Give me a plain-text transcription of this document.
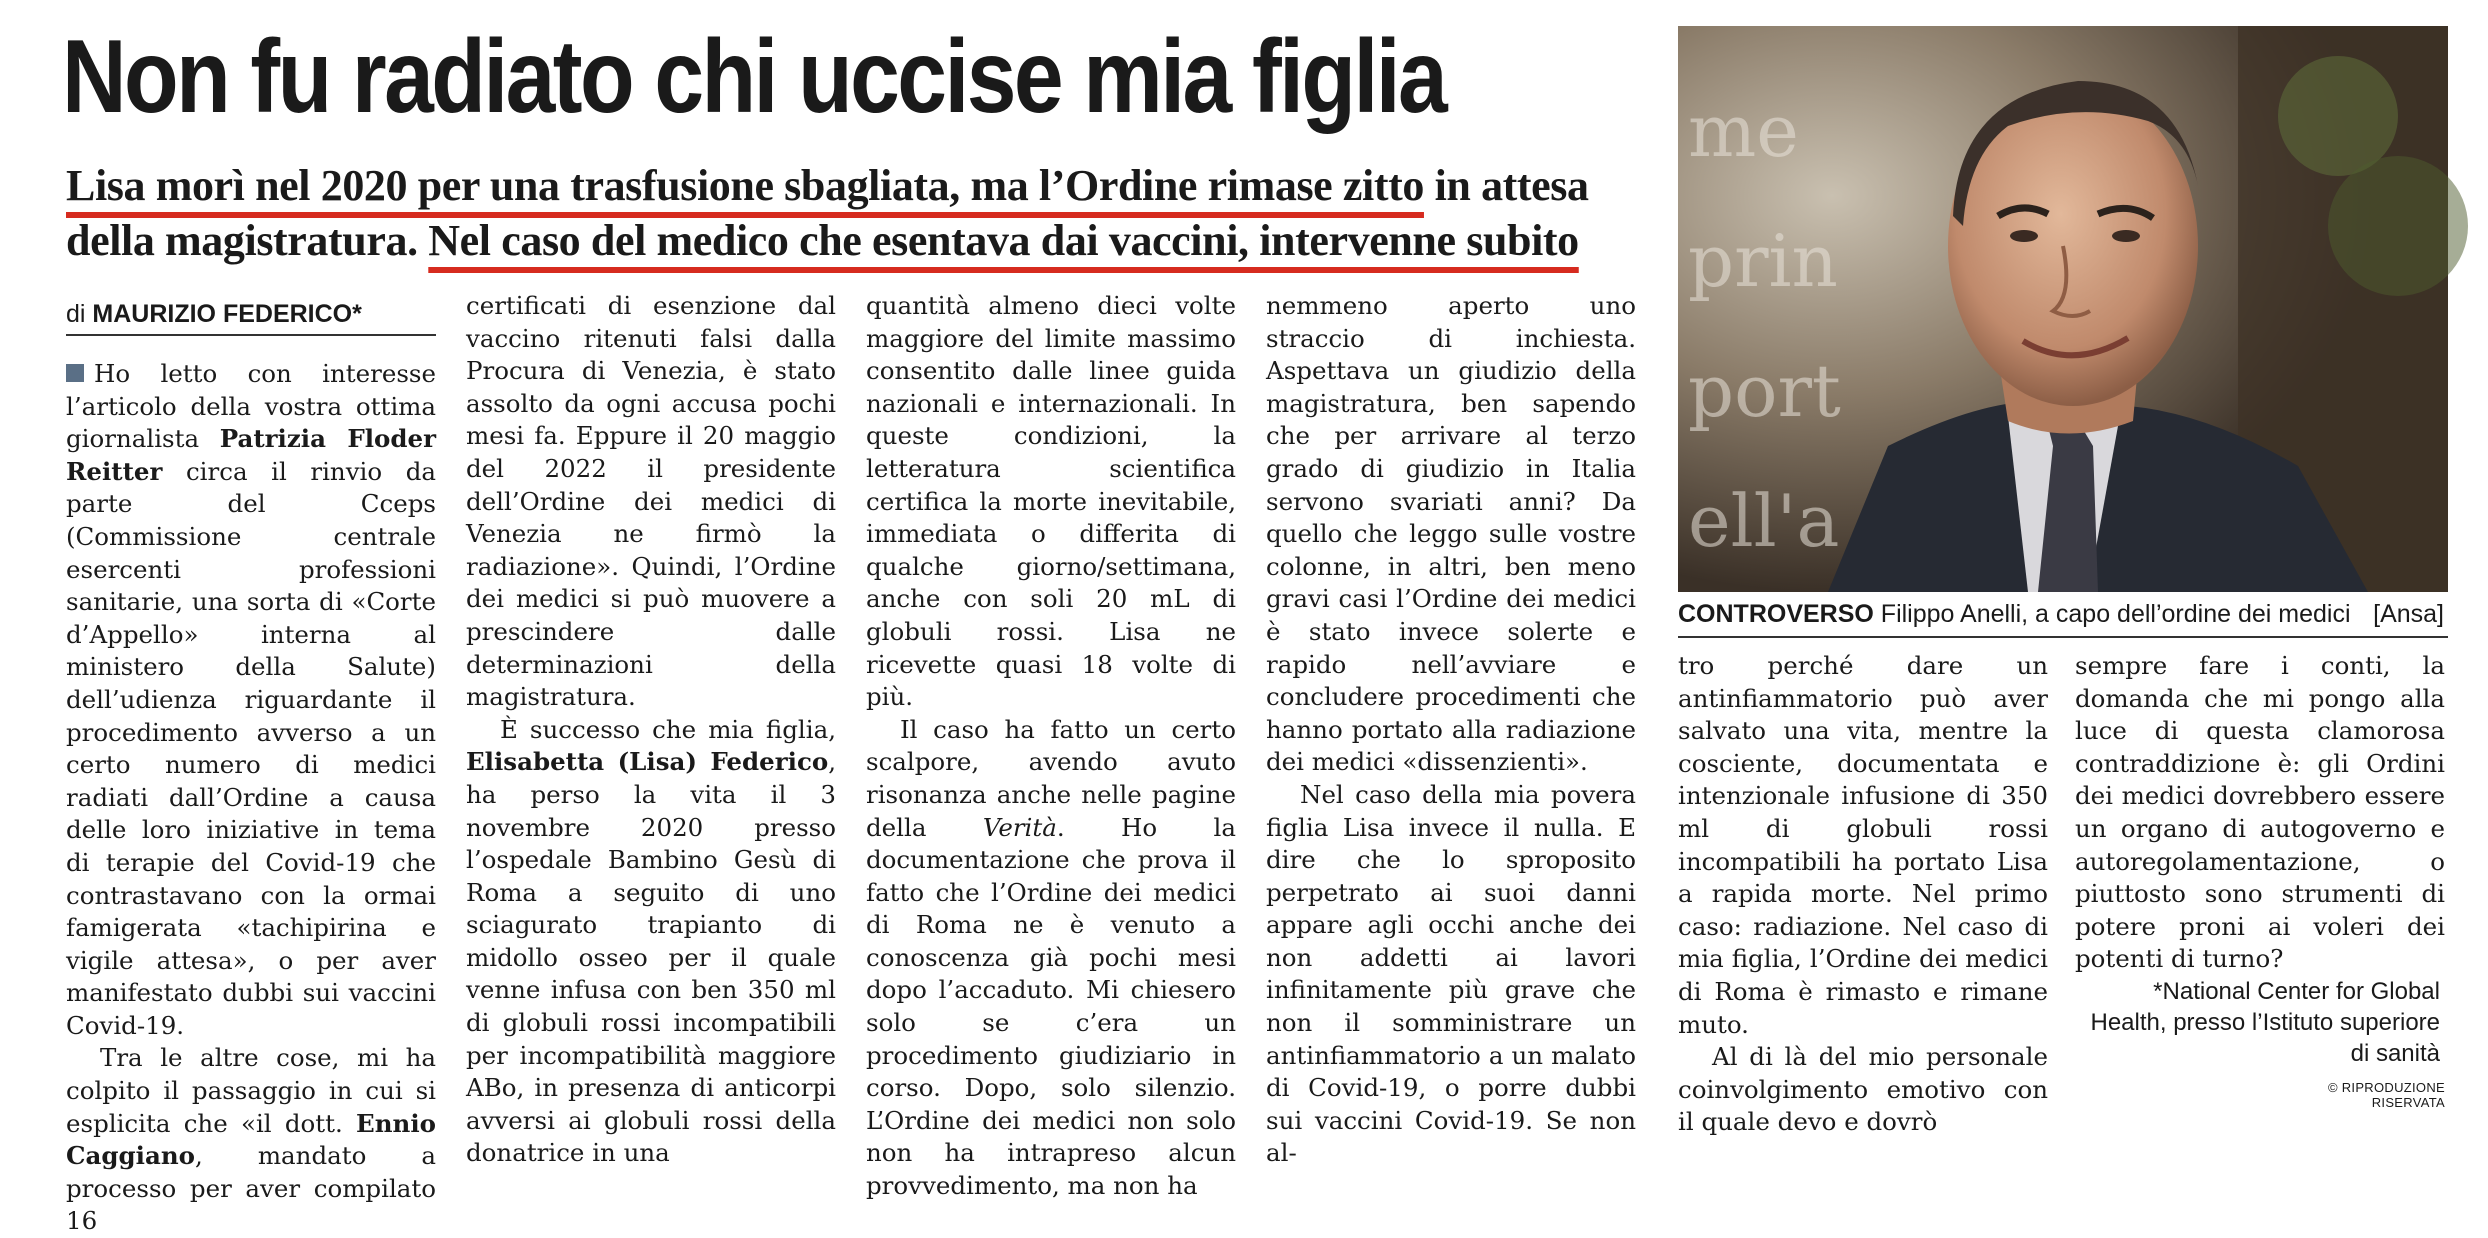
Non fu radiato chi uccise mia figlia
Lisa morì nel 2020 per una trasfusione sbagliata, ma l’Ordine rimase zitto in attesa della magistratura. Nel caso del medico che esentava dai vaccini, intervenne subito
di MAURIZIO FEDERICO*

Ho letto con interesse l’articolo della vostra ottima giornalista Patrizia Floder Reitter circa il rinvio da parte del Cceps (Commissione centrale esercenti professioni sanitarie, una sorta di «Corte d’Appello» interna al ministero della Salute) dell’udienza riguardante il procedimento avverso a un certo numero di medici radiati dall’Ordine a causa delle loro iniziative in tema di terapie del Covid-19 che contrastavano con la ormai famigerata «tachipirina e vigile attesa», o per aver manifestato dubbi sui vaccini Covid-19.

Tra le altre cose, mi ha colpito il passaggio in cui si esplicita che «il dott. Ennio Caggiano, mandato a processo per aver compilato 16

certificati di esenzione dal vaccino ritenuti falsi dalla Procura di Venezia, è stato assolto da ogni accusa pochi mesi fa. Eppure il 20 maggio del 2022 il presidente dell’Ordine dei medici di Venezia ne firmò la radiazione». Quindi, l’Ordine dei medici si può muovere a prescindere dalle determinazioni della magistratura.

È successo che mia figlia, Elisabetta (Lisa) Federico, ha perso la vita il 3 novembre 2020 presso l’ospedale Bambino Gesù di Roma a seguito di uno sciagurato trapianto di midollo osseo per il quale venne infusa con ben 350 ml di globuli rossi incompatibili per incompatibilità maggiore ABo, in presenza di anticorpi avversi ai globuli rossi della donatrice in una

quantità almeno dieci volte maggiore del limite massimo consentito dalle linee guida nazionali e internazionali. In queste condizioni, la letteratura scientifica certifica la morte inevitabile, immediata o differita di qualche giorno/settimana, anche con soli 20 mL di globuli rossi. Lisa ne ricevette quasi 18 volte di più.

Il caso ha fatto un certo scalpore, avendo avuto risonanza anche nelle pagine della Verità. Ho la documentazione che prova il fatto che l’Ordine dei medici di Roma ne è venuto a conoscenza già pochi mesi dopo l’accaduto. Mi chiesero solo se c’era un procedimento giudiziario in corso. Dopo, solo silenzio. L’Ordine dei medici non solo non ha intrapreso alcun provvedimento, ma non ha

nemmeno aperto uno straccio di inchiesta. Aspettava un giudizio della magistratura, ben sapendo che per arrivare al terzo grado di giudizio in Italia servono svariati anni? Da quello che leggo sulle vostre colonne, in altri, ben meno gravi casi l’Ordine dei medici è stato invece solerte e rapido nell’avviare e concludere procedimenti che hanno portato alla radiazione dei medici «dissenzienti».

Nel caso della mia povera figlia Lisa invece il nulla. E dire che lo sproposito perpetrato ai suoi danni appare agli occhi anche dei non addetti ai lavori infinitamente più grave che non il somministrare un antinfiammatorio a un malato di Covid-19, o porre dubbi sui vaccini Covid-19. Se non al-

me
prin
port
ell'a
CONTROVERSO Filippo Anelli, a capo dell’ordine dei medici [Ansa]

tro perché dare un antinfiammatorio può aver salvato una vita, mentre la cosciente, documentata e intenzionale infusione di 350 ml di globuli rossi incompatibili ha portato Lisa a rapida morte. Nel primo caso: radiazione. Nel caso di mia figlia, l’Ordine dei medici di Roma è rimasto e rimane muto.

Al di là del mio personale coinvolgimento emotivo con il quale devo e dovrò

sempre fare i conti, la domanda che mi pongo alla luce di questa clamorosa contraddizione è: gli Ordini dei medici dovrebbero essere un organo di autogoverno e autoregolamentazione, o piuttosto sono strumenti di potere proni ai voleri dei potenti di turno?

*National Center for Global Health, presso l’Istituto superiore di sanità
© RIPRODUZIONE RISERVATA
